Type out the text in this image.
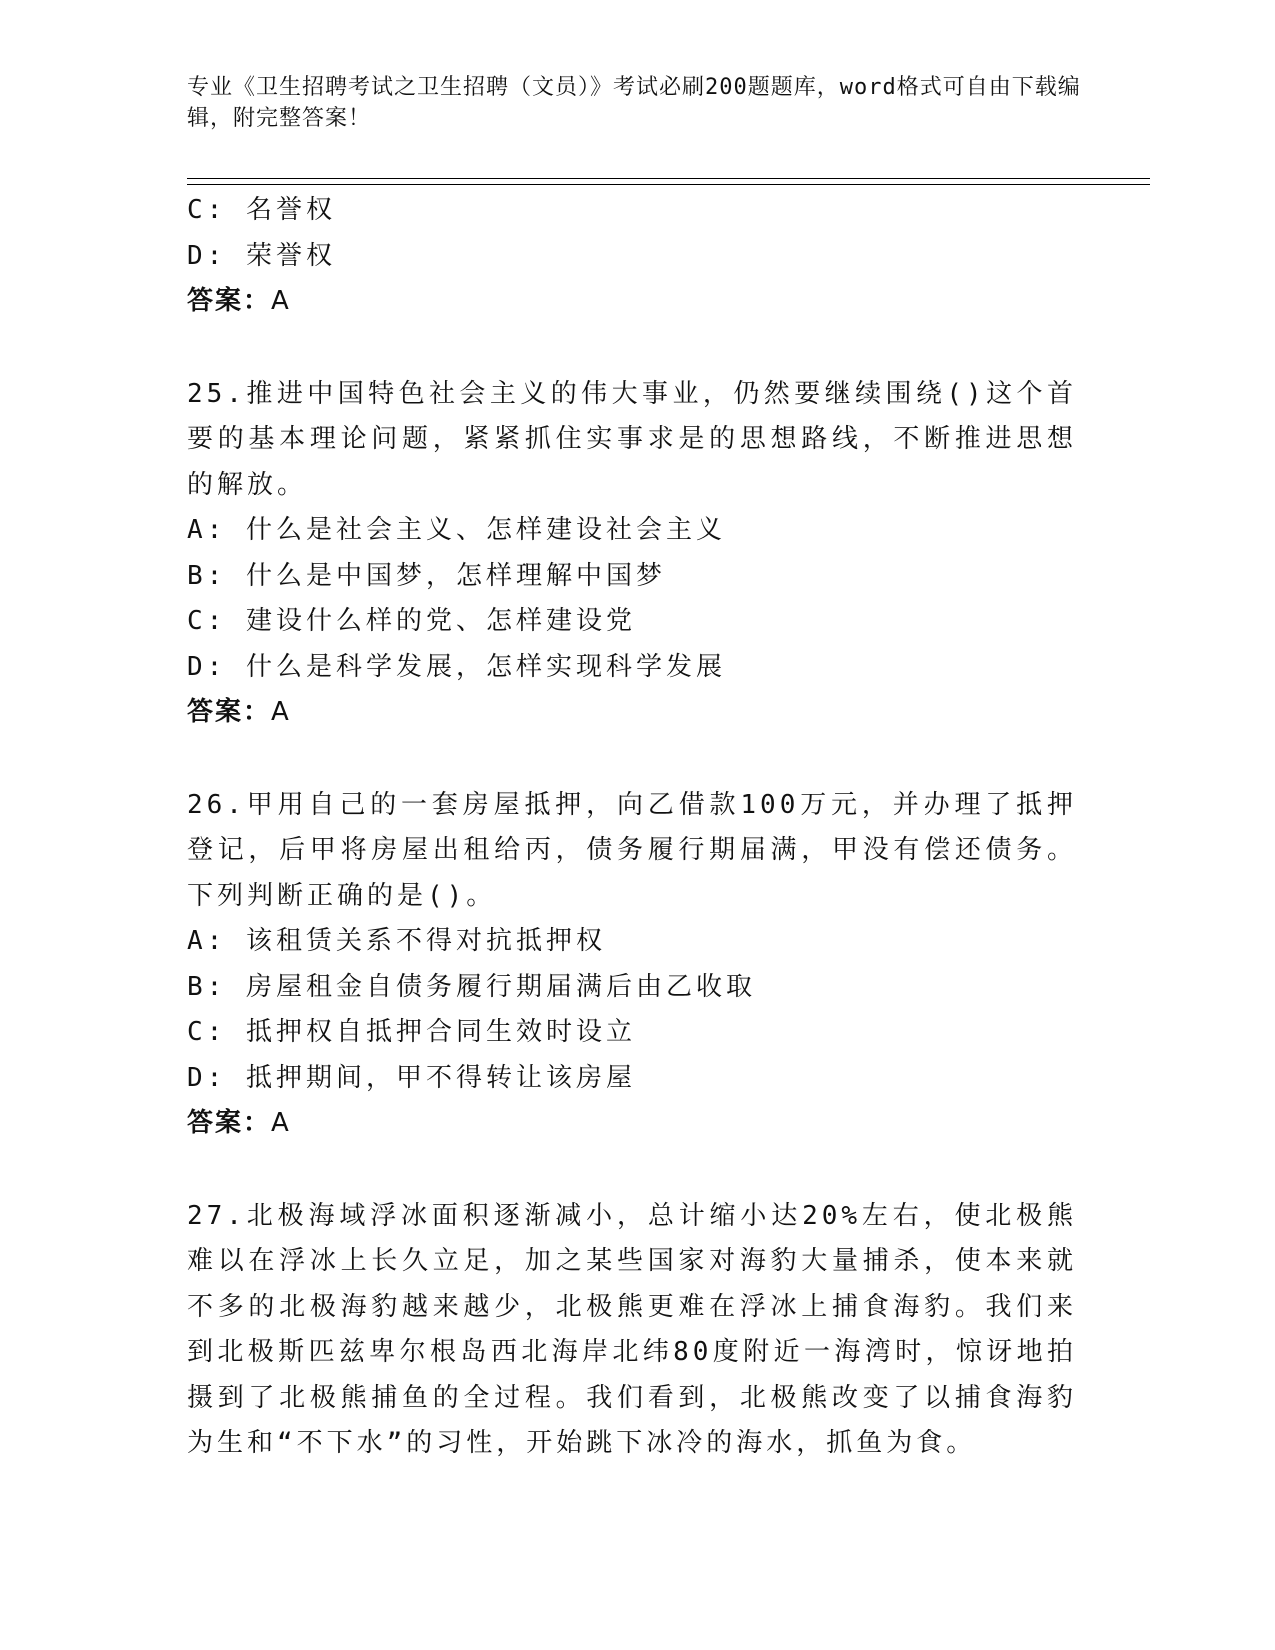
专业《卫生招聘考试之卫生招聘（文员）》考试必刷200题题库，word格式可自由下载编辑，附完整答案！
C: 名誉权
D: 荣誉权
答案：A
25.推进中国特色社会主义的伟大事业，仍然要继续围绕()这个首要的基本理论问题，紧紧抓住实事求是的思想路线，不断推进思想的解放。
A: 什么是社会主义、怎样建设社会主义
B: 什么是中国梦，怎样理解中国梦
C: 建设什么样的党、怎样建设党
D: 什么是科学发展，怎样实现科学发展
答案：A
26.甲用自己的一套房屋抵押，向乙借款100万元，并办理了抵押登记，后甲将房屋出租给丙，债务履行期届满，甲没有偿还债务。下列判断正确的是()。
A: 该租赁关系不得对抗抵押权
B: 房屋租金自债务履行期届满后由乙收取
C: 抵押权自抵押合同生效时设立
D: 抵押期间，甲不得转让该房屋
答案：A
27.北极海域浮冰面积逐渐减小，总计缩小达20%左右，使北极熊难以在浮冰上长久立足，加之某些国家对海豹大量捕杀，使本来就不多的北极海豹越来越少，北极熊更难在浮冰上捕食海豹。我们来到北极斯匹兹卑尔根岛西北海岸北纬80度附近一海湾时，惊讶地拍摄到了北极熊捕鱼的全过程。我们看到，北极熊改变了以捕食海豹为生和“不下水”的习性，开始跳下冰冷的海水，抓鱼为食。
